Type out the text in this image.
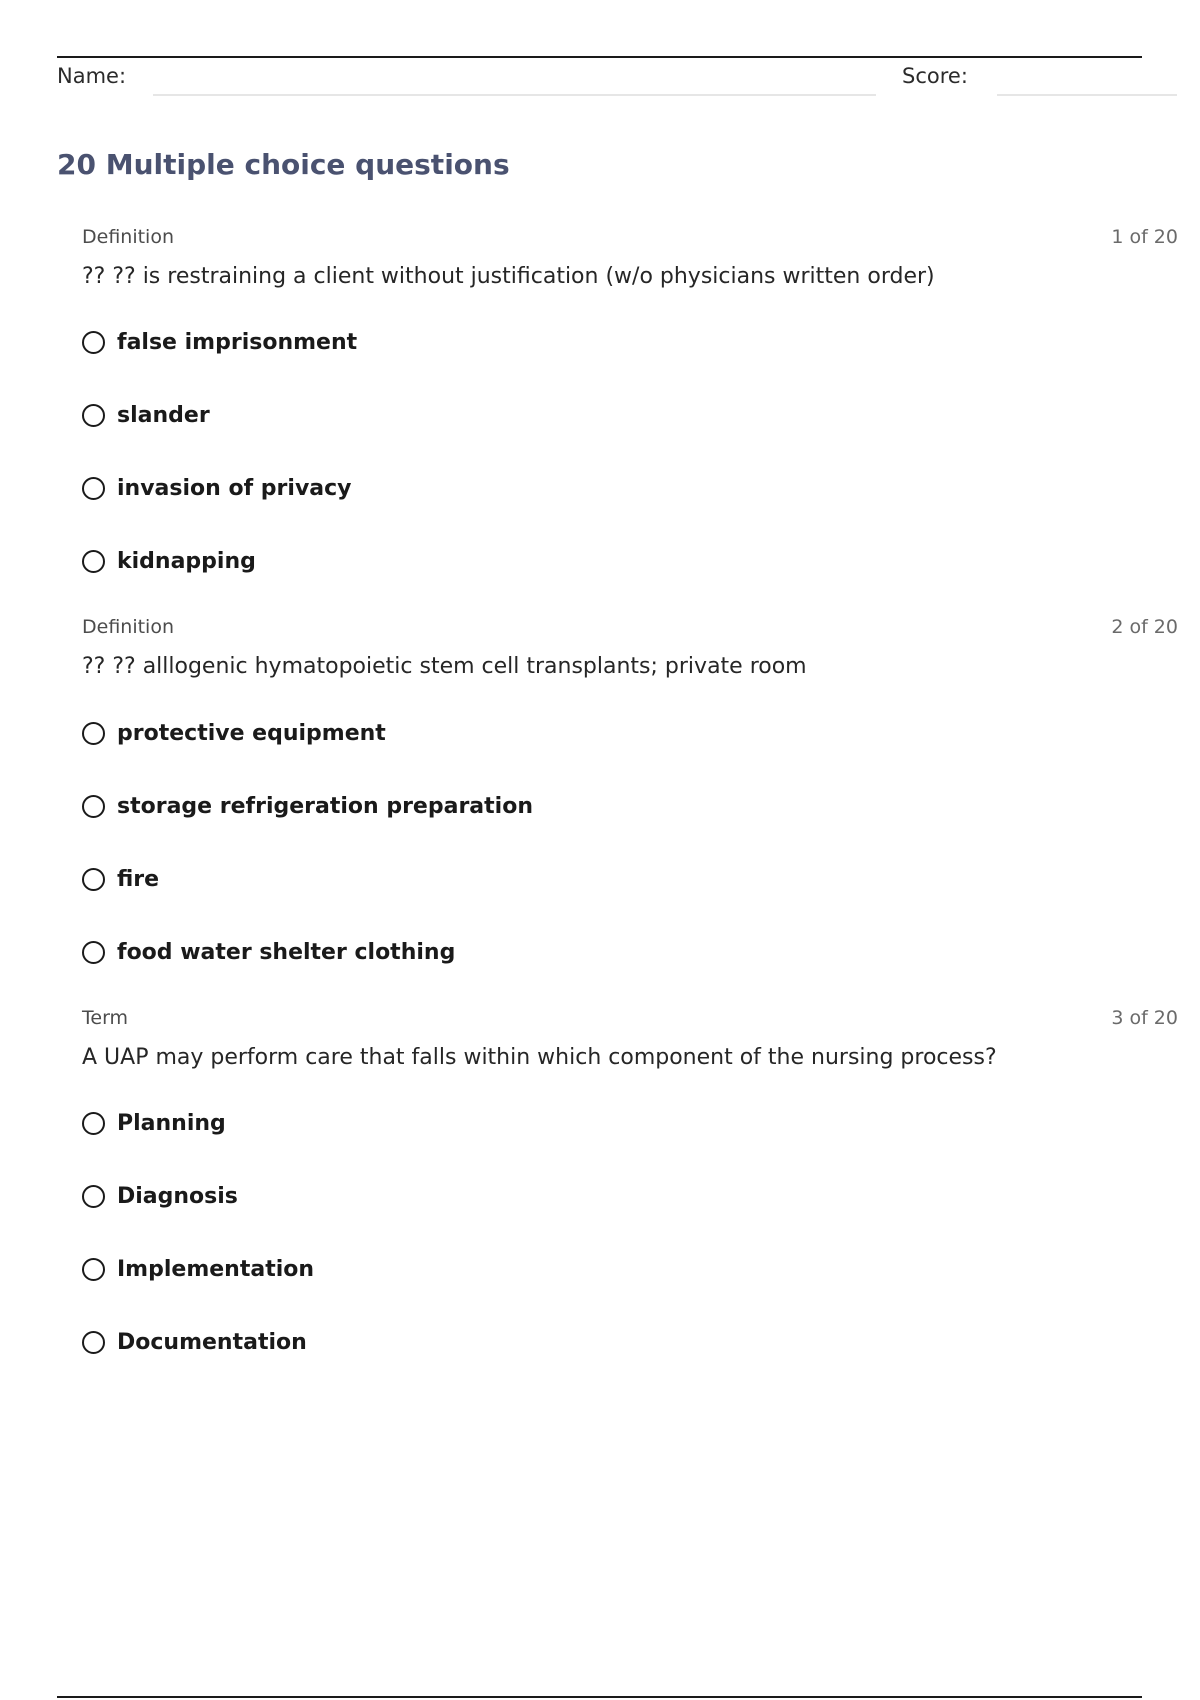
Name:	Score:
20 Multiple choice questions
Definition	1 of 20
?? ?? is restraining a client without justification (w/o physicians written order)
false imprisonment
slander
invasion of privacy
kidnapping
Definition	2 of 20
?? ?? alllogenic hymatopoietic stem cell transplants; private room
protective equipment
storage refrigeration preparation
fire
food water shelter clothing
Term	3 of 20
A UAP may perform care that falls within which component of the nursing process?
Planning
Diagnosis
Implementation
Documentation
